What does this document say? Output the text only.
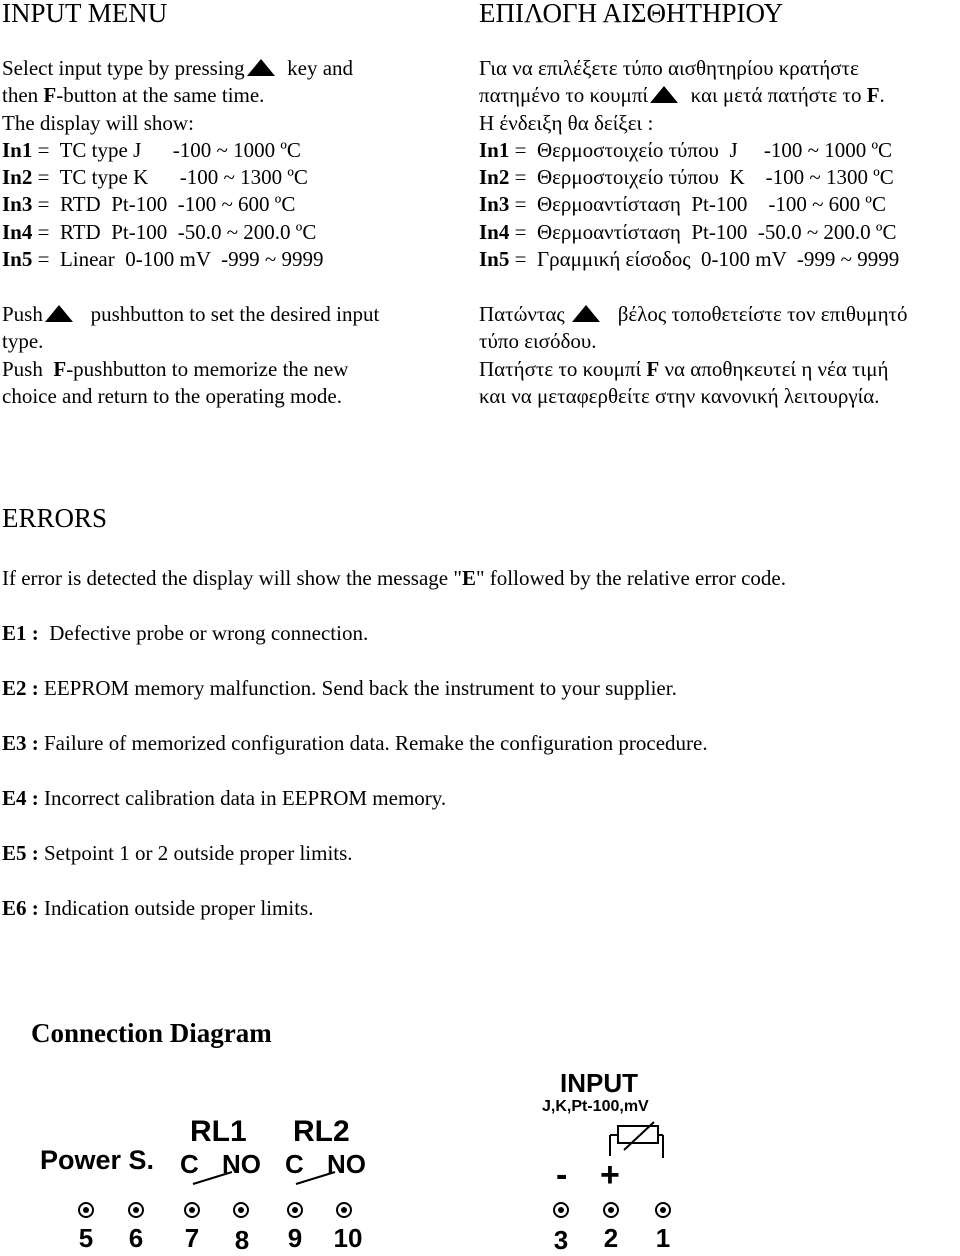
INPUT MENU
Select input type by pressing key and
then F-button at the same time.
The display will show:
In1 =  TC type J      -100 ~ 1000 ºC
In2 =  TC type K      -100 ~ 1300 ºC
In3 =  RTD  Pt-100  -100 ~ 600 ºC
In4 =  RTD  Pt-100  -50.0 ~ 200.0 ºC
In5 =  Linear  0-100 mV  -999 ~ 9999
Push pushbutton to set the desired input
type.
Push  F-pushbutton to memorize the new
choice and return to the operating mode.
ΕΠΙΛΟΓΗ ΑΙΣΘΗΤΗΡΙΟΥ
Για να επιλέξετε τύπο αισθητηρίου κρατήστε
πατημένο το κουμπί και μετά πατήστε το F.
Η ένδειξη θα δείξει :
In1 =  Θερμοστοιχείο τύπου  J     -100 ~ 1000 ºC
In2 =  Θερμοστοιχείο τύπου  K    -100 ~ 1300 ºC
In3 =  Θερμοαντίσταση  Pt-100    -100 ~ 600 ºC
In4 =  Θερμοαντίσταση  Pt-100  -50.0 ~ 200.0 ºC
In5 =  Γραμμική είσοδος  0-100 mV  -999 ~ 9999
Πατώντας	βέλος τοποθετείστε τον επιθυμητό
τύπο εισόδου.
Πατήστε το κουμπί F να αποθηκευτεί η νέα τιμή
και να μεταφερθείτε στην κανονική λειτουργία.
ERRORS
If error is detected the display will show the message "E" followed by the relative error code.
E1 :  Defective probe or wrong connection.
E2 : EEPROM memory malfunction. Send back the instrument to your supplier.
E3 : Failure of memorized configuration data. Remake the configuration procedure.
E4 : Incorrect calibration data in EEPROM memory.
E5 : Setpoint 1 or 2 outside proper limits.
E6 : Indication outside proper limits.
Connection Diagram
INPUT
J,K,Pt-100,mV
- +
Power S.
RL1 RL2
C NO C NO
5	6	7	8	9	10	3	2	1
